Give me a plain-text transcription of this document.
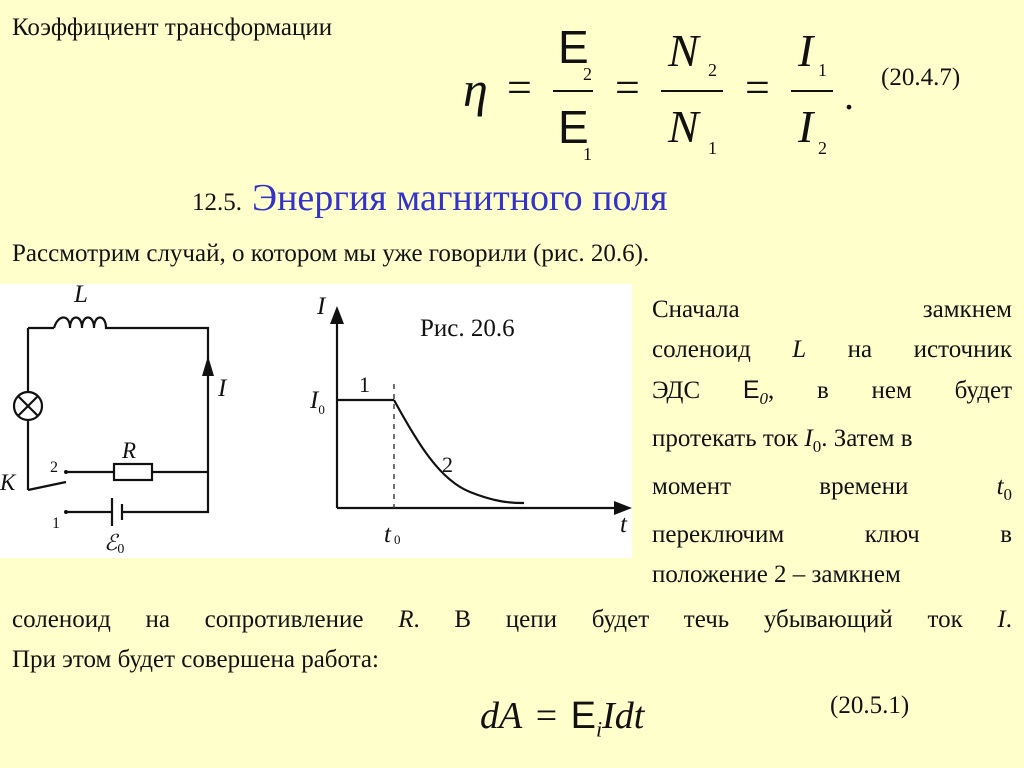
Коэффициент трансформации
η =
Е
2
Е
1
=
N 2
N 1
=
I 1
I 2
. (20.4.7)
12.5. Энергия магнитного поля
Рассмотрим случай, о котором мы уже говорили (рис. 20.6).
L
I
R
K
2
1
ℰ0
I
t
$I_0$
t 0
1
2
Рис. 20.6
Сначала	замкнем
соленоид L на источник
ЭДС $Е_0$, в нем будет
протекать ток $I_0$. Затем в
момент	времени	$t_0$
переключим	ключ	в
положение 2 – замкнем
соленоид на сопротивление R. В цепи будет течь убывающий ток I.
При этом будет совершена работа:
dA = $Е_iIdt$	(20.5.1)
